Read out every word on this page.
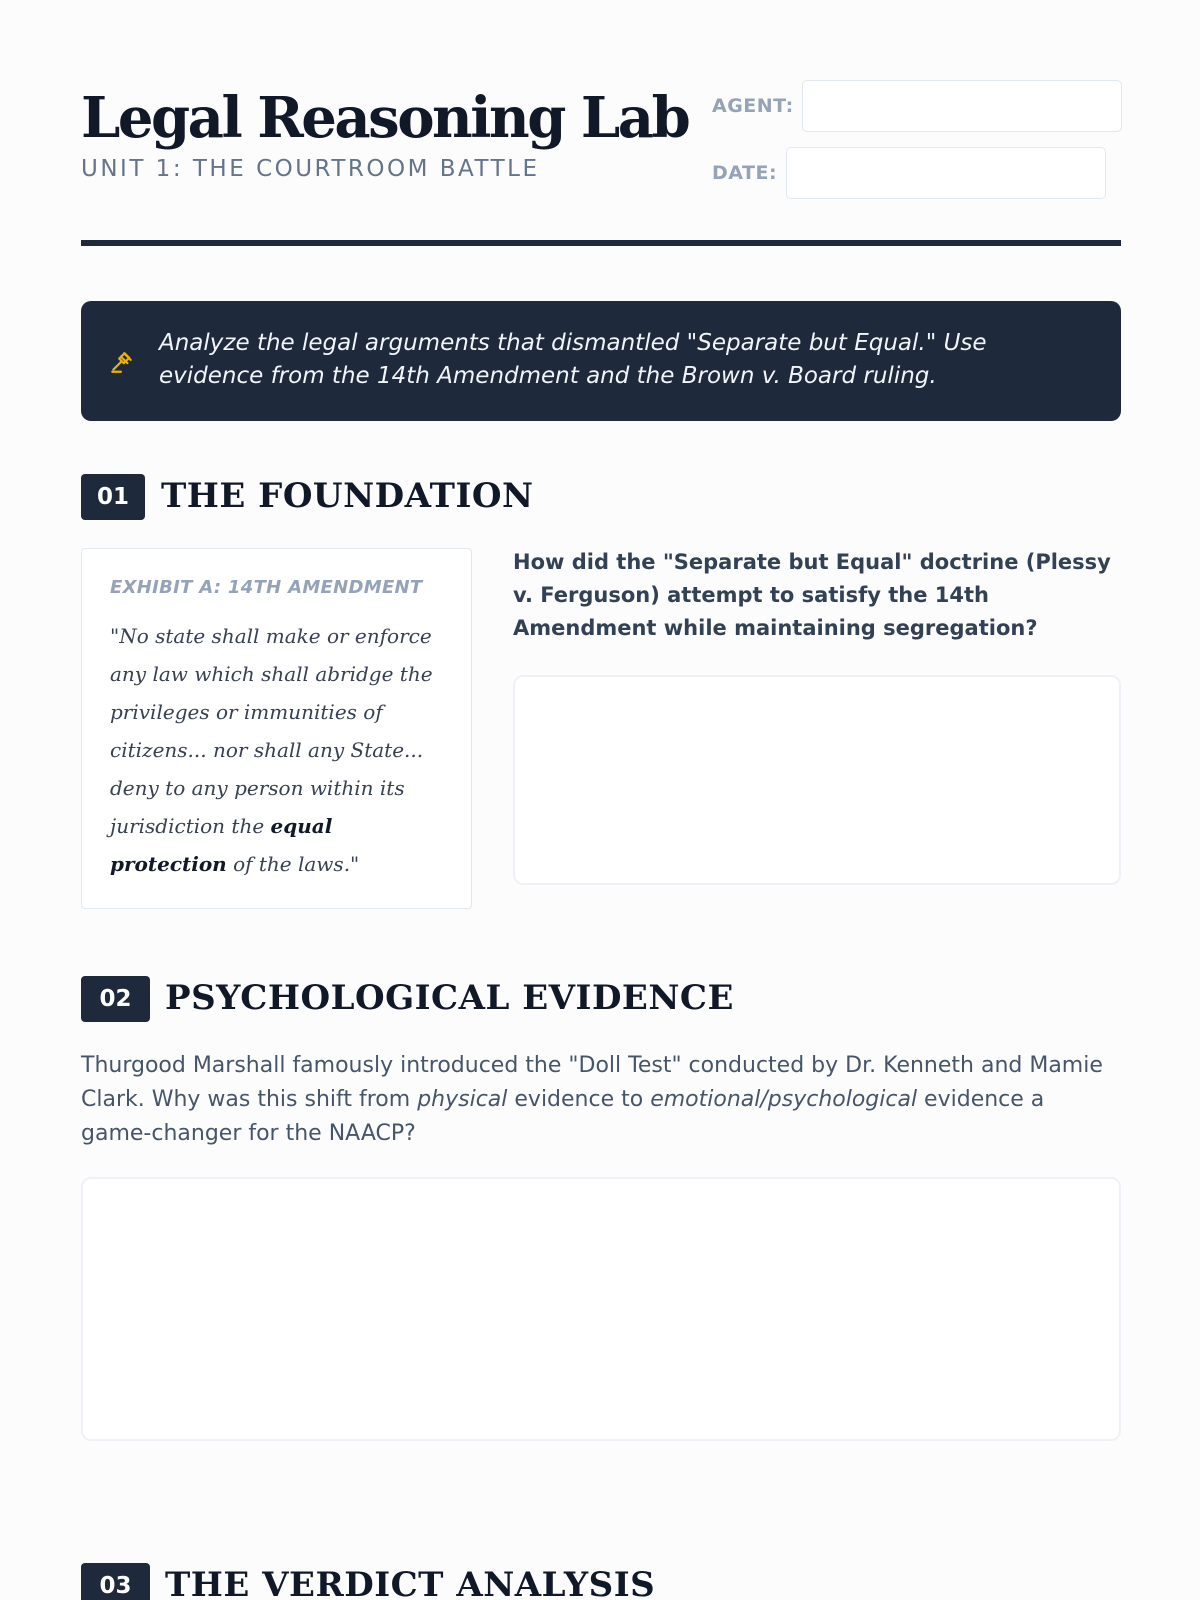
Legal Reasoning Lab
UNIT 1: THE COURTROOM BATTLE
AGENT:
DATE:
Analyze the legal arguments that dismantled "Separate but Equal." Use evidence from the 14th Amendment and the Brown v. Board ruling.
01 THE FOUNDATION
EXHIBIT A: 14TH AMENDMENT
"No state shall make or enforce any law which shall abridge the privileges or immunities of citizens... nor shall any State... deny to any person within its jurisdiction the equal protection of the laws."
How did the "Separate but Equal" doctrine (Plessy v. Ferguson) attempt to satisfy the 14th Amendment while maintaining segregation?
02 PSYCHOLOGICAL EVIDENCE
Thurgood Marshall famously introduced the "Doll Test" conducted by Dr. Kenneth and Mamie Clark. Why was this shift from physical evidence to emotional/psychological evidence a game-changer for the NAACP?
03 THE VERDICT ANALYSIS
